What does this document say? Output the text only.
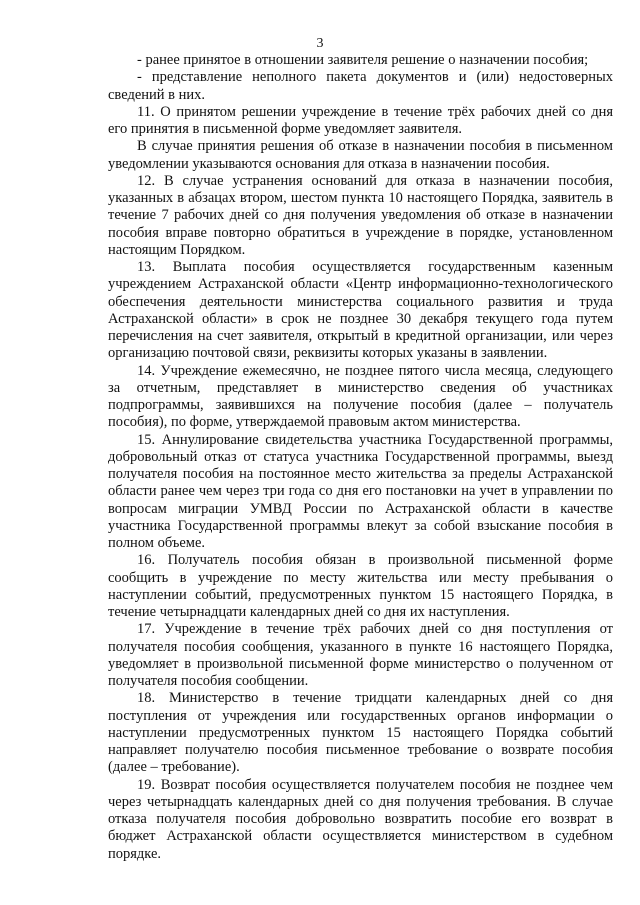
3

- ранее принятое в отношении заявителя решение о назначении пособия;

- представление неполного пакета документов и (или) недостоверных сведений в них.

11. О принятом решении учреждение в течение трёх рабочих дней со дня его принятия в письменной форме уведомляет заявителя.

В случае принятия решения об отказе в назначении пособия в письменном уведомлении указываются основания для отказа в назначении пособия.

12. В случае устранения оснований для отказа в назначении пособия, указанных в абзацах втором, шестом пункта 10 настоящего Порядка, заявитель в течение 7 рабочих дней со дня получения уведомления об отказе в назначении пособия вправе повторно обратиться в учреждение в порядке, установленном настоящим Порядком.

13. Выплата пособия осуществляется государственным казенным учреждением Астраханской области «Центр информационно-технологического обеспечения деятельности министерства социального развития и труда Астраханской области» в срок не позднее 30 декабря текущего года путем перечисления на счет заявителя, открытый в кредитной организации, или через организацию почтовой связи, реквизиты которых указаны в заявлении.

14. Учреждение ежемесячно, не позднее пятого числа месяца, следующего за отчетным, представляет в министерство сведения об участниках подпрограммы, заявившихся на получение пособия (далее – получатель пособия), по форме, утверждаемой правовым актом министерства.

15. Аннулирование свидетельства участника Государственной программы, добровольный отказ от статуса участника Государственной программы, выезд получателя пособия на постоянное место жительства за пределы Астраханской области ранее чем через три года со дня его постановки на учет в управлении по вопросам миграции УМВД России по Астраханской области в качестве участника Государственной программы влекут за собой взыскание пособия в полном объеме.

16. Получатель пособия обязан в произвольной письменной форме сообщить в учреждение по месту жительства или месту пребывания о наступлении событий, предусмотренных пунктом 15 настоящего Порядка, в течение четырнадцати календарных дней со дня их наступления.

17. Учреждение в течение трёх рабочих дней со дня поступления от получателя пособия сообщения, указанного в пункте 16 настоящего Порядка, уведомляет в произвольной письменной форме министерство о полученном от получателя пособия сообщении.

18. Министерство в течение тридцати календарных дней со дня поступления от учреждения или государственных органов информации о наступлении предусмотренных пунктом 15 настоящего Порядка событий направляет получателю пособия письменное требование о возврате пособия (далее – требование).

19. Возврат пособия осуществляется получателем пособия не позднее чем через четырнадцать календарных дней со дня получения требования. В случае отказа получателя пособия добровольно возвратить пособие его возврат в бюджет Астраханской области осуществляется министерством в судебном порядке.
